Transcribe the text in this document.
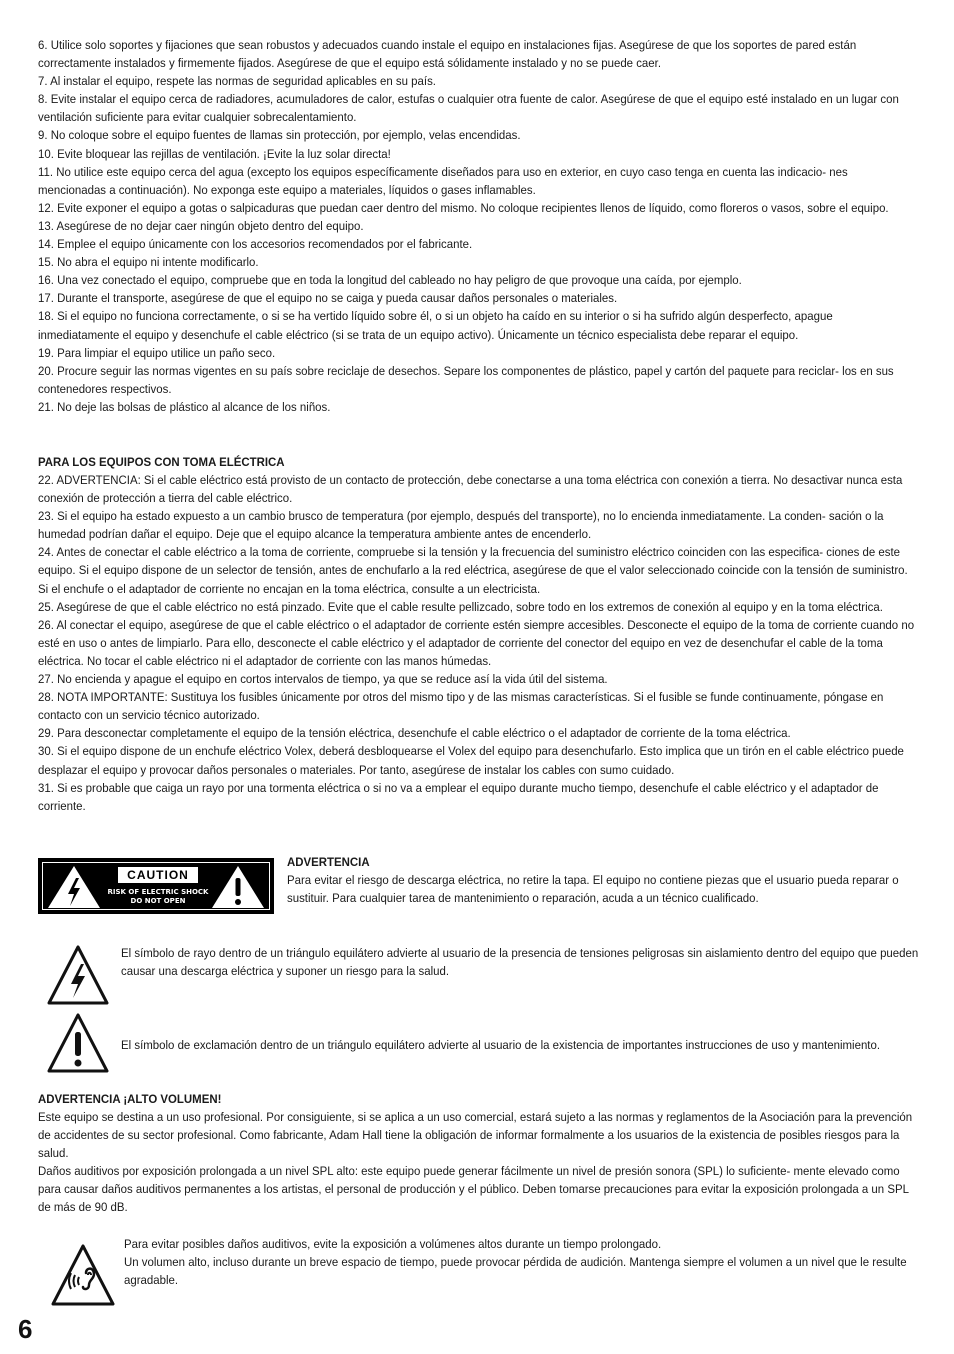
6. Utilice solo soportes y fijaciones que sean robustos y adecuados cuando instale el equipo en instalaciones fijas. Asegúrese de que los soportes de pared están correctamente instalados y firmemente fijados. Asegúrese de que el equipo está sólidamente instalado y no se puede caer.

7. Al instalar el equipo, respete las normas de seguridad aplicables en su país.

8. Evite instalar el equipo cerca de radiadores, acumuladores de calor, estufas o cualquier otra fuente de calor. Asegúrese de que el equipo esté instalado en un lugar con ventilación suficiente para evitar cualquier sobrecalentamiento.

9. No coloque sobre el equipo fuentes de llamas sin protección, por ejemplo, velas encendidas.

10. Evite bloquear las rejillas de ventilación. ¡Evite la luz solar directa!

11. No utilice este equipo cerca del agua (excepto los equipos específicamente diseñados para uso en exterior, en cuyo caso tenga en cuenta las indicacio- nes mencionadas a continuación). No exponga este equipo a materiales, líquidos o gases inflamables.

12. Evite exponer el equipo a gotas o salpicaduras que puedan caer dentro del mismo. No coloque recipientes llenos de líquido, como floreros o vasos, sobre el equipo.

13. Asegúrese de no dejar caer ningún objeto dentro del equipo.

14. Emplee el equipo únicamente con los accesorios recomendados por el fabricante.

15. No abra el equipo ni intente modificarlo.

16. Una vez conectado el equipo, compruebe que en toda la longitud del cableado no hay peligro de que provoque una caída, por ejemplo.

17. Durante el transporte, asegúrese de que el equipo no se caiga y pueda causar daños personales o materiales.

18. Si el equipo no funciona correctamente, o si se ha vertido líquido sobre él, o si un objeto ha caído en su interior o si ha sufrido algún desperfecto, apague inmediatamente el equipo y desenchufe el cable eléctrico (si se trata de un equipo activo). Únicamente un técnico especialista debe reparar el equipo.

19. Para limpiar el equipo utilice un paño seco.

20. Procure seguir las normas vigentes en su país sobre reciclaje de desechos. Separe los componentes de plástico, papel y cartón del paquete para reciclar- los en sus contenedores respectivos.

21. No deje las bolsas de plástico al alcance de los niños.

PARA LOS EQUIPOS CON TOMA ELÉCTRICA

22. ADVERTENCIA: Si el cable eléctrico está provisto de un contacto de protección, debe conectarse a una toma eléctrica con conexión a tierra. No desactivar nunca esta conexión de protección a tierra del cable eléctrico.

23. Si el equipo ha estado expuesto a un cambio brusco de temperatura (por ejemplo, después del transporte), no lo encienda inmediatamente. La conden- sación o la humedad podrían dañar el equipo. Deje que el equipo alcance la temperatura ambiente antes de encenderlo.

24. Antes de conectar el cable eléctrico a la toma de corriente, compruebe si la tensión y la frecuencia del suministro eléctrico coinciden con las especifica- ciones de este equipo. Si el equipo dispone de un selector de tensión, antes de enchufarlo a la red eléctrica, asegúrese de que el valor seleccionado coincide con la tensión de suministro. Si el enchufe o el adaptador de corriente no encajan en la toma eléctrica, consulte a un electricista.

25. Asegúrese de que el cable eléctrico no está pinzado. Evite que el cable resulte pellizcado, sobre todo en los extremos de conexión al equipo y en la toma eléctrica.

26. Al conectar el equipo, asegúrese de que el cable eléctrico o el adaptador de corriente estén siempre accesibles. Desconecte el equipo de la toma de corriente cuando no esté en uso o antes de limpiarlo. Para ello, desconecte el cable eléctrico y el adaptador de corriente del conector del equipo en vez de desenchufar el cable de la toma eléctrica. No tocar el cable eléctrico ni el adaptador de corriente con las manos húmedas.

27. No encienda y apague el equipo en cortos intervalos de tiempo, ya que se reduce así la vida útil del sistema.

28. NOTA IMPORTANTE: Sustituya los fusibles únicamente por otros del mismo tipo y de las mismas características. Si el fusible se funde continuamente, póngase en contacto con un servicio técnico autorizado.

29. Para desconectar completamente el equipo de la tensión eléctrica, desenchufe el cable eléctrico o el adaptador de corriente de la toma eléctrica.

30. Si el equipo dispone de un enchufe eléctrico Volex, deberá desbloquearse el Volex del equipo para desenchufarlo. Esto implica que un tirón en el cable eléctrico puede desplazar el equipo y provocar daños personales o materiales. Por tanto, asegúrese de instalar los cables con sumo cuidado.

31. Si es probable que caiga un rayo por una tormenta eléctrica o si no va a emplear el equipo durante mucho tiempo, desenchufe el cable eléctrico y el adaptador de corriente.

CAUTION
RISK OF ELECTRIC SHOCK
DO NOT OPEN

ADVERTENCIA

Para evitar el riesgo de descarga eléctrica, no retire la tapa. El equipo no contiene piezas que el usuario pueda reparar o sustituir. Para cualquier tarea de mantenimiento o reparación, acuda a un técnico cualificado.

El símbolo de rayo dentro de un triángulo equilátero advierte al usuario de la presencia de tensiones peligrosas sin aislamiento dentro del equipo que pueden causar una descarga eléctrica y suponer un riesgo para la salud.

El símbolo de exclamación dentro de un triángulo equilátero advierte al usuario de la existencia de importantes instrucciones de uso y mantenimiento.

ADVERTENCIA ¡ALTO VOLUMEN!

Este equipo se destina a un uso profesional. Por consiguiente, si se aplica a un uso comercial, estará sujeto a las normas y reglamentos de la Asociación para la prevención de accidentes de su sector profesional. Como fabricante, Adam Hall tiene la obligación de informar formalmente a los usuarios de la existencia de posibles riesgos para la salud.

Daños auditivos por exposición prolongada a un nivel SPL alto: este equipo puede generar fácilmente un nivel de presión sonora (SPL) lo suficiente- mente elevado como para causar daños auditivos permanentes a los artistas, el personal de producción y el público. Deben tomarse precauciones para evitar la exposición prolongada a un SPL de más de 90 dB.

Para evitar posibles daños auditivos, evite la exposición a volúmenes altos durante un tiempo prolongado.

Un volumen alto, incluso durante un breve espacio de tiempo, puede provocar pérdida de audición. Mantenga siempre el volumen a un nivel que le resulte agradable.

6
